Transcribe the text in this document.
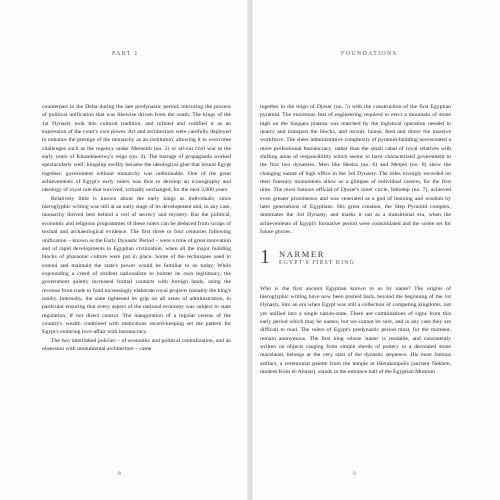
PART 1

counterpart in the Delta during the late predynastic period, mirroring the process of political unification that was likewise driven from the south. The kings of the 1st Dynasty took this cultural tradition, and refined and codified it as an expression of the court's own power. Art and architecture were carefully deployed to enhance the prestige of the monarchy as an institution, allowing it to overcome challenges such as the regency under Merneith (no. 2) or all-out civil war in the early years of Khasekhemwy's reign (no. 4). The barrage of propaganda worked spectacularly well; kingship swiftly became the ideological glue that bound Egypt together: government without monarchy was unthinkable. One of the great achievements of Egypt's early rulers was thus to develop an iconography and ideology of royal rule that survived, virtually unchanged, for the next 3,000 years.

Relatively little is known about the early kings as individuals, since hieroglyphic writing was still at an early stage of its development and, in any case, monarchy thrived best behind a veil of secrecy and mystery. But the political, economic and religious programmes of these rulers can be deduced from scraps of textual and archaeological evidence. The first three or four centuries following unification – known as the Early Dynastic Period – were a time of great innovation and of rapid developments in Egyptian civilization, when all the major building blocks of pharaonic culture were put in place. Some of the techniques used to extend and maintain the state's power would be familiar to us today. While expounding a creed of strident nationalism to bolster its own legitimacy, the government quietly increased formal contacts with foreign lands, using the revenue from trade to fund increasingly elaborate royal projects (notably the king's tomb). Internally, the state tightened its grip on all areas of administration, in particular ensuring that every aspect of the national economy was subject to state regulation, if not direct control. The inauguration of a regular census of the country's wealth combined with meticulous record-keeping set the pattern for Egypt's enduring love-affair with bureaucracy.

The two interlinked policies – of economic and political centralization, and an obsession with monumental architecture – came

8
FOUNDATIONS

together in the reign of Djoser (no. 5) with the construction of the first Egyptian pyramid. The enormous feat of engineering required to erect a mountain of stone high on the Saqqara plateau was matched by the logistical operation needed to quarry and transport the blocks, and recruit, house, feed and direct the massive workforce. The sheer administrative complexity of pyramid-building necessitated a more professional bureaucracy, rather than the small cabal of royal relatives with shifting areas of responsibility which seems to have characterized government in the first two dynasties. Men like Hesira (no. 6) and Metjen (no. 8) show the changing nature of high office in the 3rd Dynasty. The titles lovingly recorded on their funerary monuments allow us a glimpse of individual careers, for the first time. The most famous official of Djoser's inner circle, Imhotep (no. 7), achieved even greater prominence and was venerated as a god of learning and wisdom by later generations of Egyptians. His great creation, the Step Pyramid complex, dominates the 3rd Dynasty, and marks it out as a transitional era, when the achievements of Egypt's formative period were consolidated and the scene set for future glories.

1 NARMER
EGYPT'S FIRST KING

Who is the first ancient Egyptian known to us by name? The origins of hieroglyphic writing have now been pushed back, beyond the beginning of the 1st Dynasty, into an era when Egypt was still a collection of competing kingdoms, not yet unified into a single nation-state. There are combinations of signs from this early period which may be names, but we cannot be sure, and in any case they are difficult to read. The rulers of Egypt's predynastic period must, for the moment, remain anonymous. The first king whose 'name' is readable, and consistently written on objects ranging from simple sherds of pottery to a decorated stone macehead, belongs at the very start of the dynastic sequence. His most famous artifact, a ceremonial palette from the temple at Hierakonpolis (ancient Nekhen, modern Kom el-Ahmar), stands in the entrance hall of the Egyptian Museum

9
